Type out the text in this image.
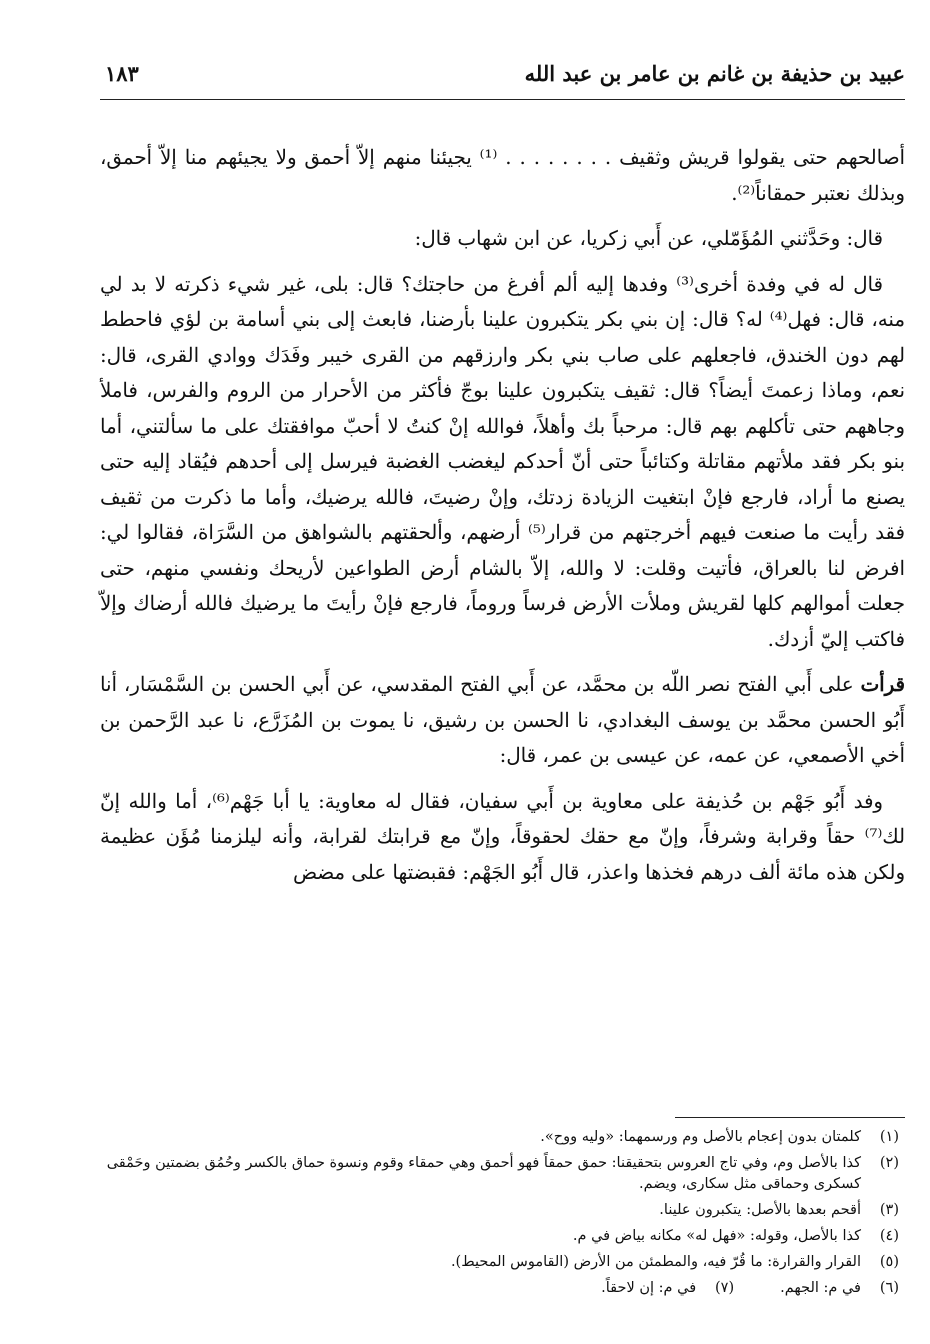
عبيد بن حذيفة بن غانم بن عامر بن عبد الله
١٨٣

أصالحهم حتى يقولوا قريش وثقيف . . . . . . . . ⁽¹⁾ يجيئنا منهم إلاّ أحمق ولا يجيئهم منا إلاّ أحمق، وبذلك نعتبر حمقاناً⁽²⁾.

قال: وحَدَّثني المُؤَمّلي، عن أَبي زكريا، عن ابن شهاب قال:

قال له في وفدة أخرى⁽³⁾ وفدها إليه ألم أفرغ من حاجتك؟ قال: بلى، غير شيء ذكرته لا بد لي منه، قال: فهل⁽⁴⁾ له؟ قال: إن بني بكر يتكبرون علينا بأرضنا، فابعث إلى بني أسامة بن لؤي فاحطط لهم دون الخندق، فاجعلهم على صاب بني بكر وارزقهم من القرى خيبر وفَدَك ووادي القرى، قال: نعم، وماذا زعمتَ أيضاً؟ قال: ثقيف يتكبرون علينا بوجّ فأكثر من الأحرار من الروم والفرس، فاملأ وجاههم حتى تأكلهم بهم قال: مرحباً بك وأهلاً، فوالله إنْ كنتُ لا أحبّ موافقتك على ما سألتني، أما بنو بكر فقد ملأتهم مقاتلة وكتائباً حتى أنّ أحدكم ليغضب الغضبة فيرسل إلى أحدهم فيُقاد إليه حتى يصنع ما أراد، فارجع فإنْ ابتغيت الزيادة زدتك، وإنْ رضيتَ، فالله يرضيك، وأما ما ذكرت من ثقيف فقد رأيت ما صنعت فيهم أخرجتهم من قرار⁽⁵⁾ أرضهم، وألحقتهم بالشواهق من السَّرَاة، فقالوا لي: افرض لنا بالعراق، فأتيت وقلت: لا والله، إلاّ بالشام أرض الطواعين لأريحك ونفسي منهم، حتى جعلت أموالهم كلها لقريش وملأت الأرض فرساً وروماً، فارجع فإنْ رأيتَ ما يرضيك فالله أرضاك وإلاّ فاكتب إليّ أزدك.

قرأت على أَبي الفتح نصر اللّه بن محمَّد، عن أَبي الفتح المقدسي، عن أَبي الحسن بن السَّمْسَار، أنا أَبُو الحسن محمَّد بن يوسف البغدادي، نا الحسن بن رشيق، نا يموت بن المُزَرَّع، نا عبد الرَّحمن بن أخي الأصمعي، عن عمه، عن عيسى بن عمر، قال:

وفد أَبُو جَهْم بن حُذيفة على معاوية بن أَبي سفيان، فقال له معاوية: يا أبا جَهْم⁽⁶⁾، أما والله إنّ لك⁽⁷⁾ حقاً وقرابة وشرفاً، وإنّ مع حقك لحقوقاً، وإنّ مع قرابتك لقرابة، وأنه ليلزمنا مُؤَن عظيمة ولكن هذه مائة ألف درهم فخذها واعذر، قال أَبُو الجَهْم: فقبضتها على مضض

(١)
كلمتان بدون إعجام بالأصل وم ورسمهما: «وليه ووح».
(٢)
كذا بالأصل وم، وفي تاج العروس بتحقيقنا: حمق حمقاً فهو أحمق وهي حمقاء وقوم ونسوة حماق بالكسر وحُمُق بضمتين وحَمْقى كسكرى وحماقى مثل سكارى، ويضم.
(٣)
أقحم بعدها بالأصل: يتكبرون علينا.
(٤)
كذا بالأصل، وقوله: «فهل له» مكانه بياض في م.
(٥)
القرار والقرارة: ما قُرّ فيه، والمطمئن من الأرض (القاموس المحيط).
(٦)
في م: الجهم.
(٧)
في م: إن لاحقاً.
